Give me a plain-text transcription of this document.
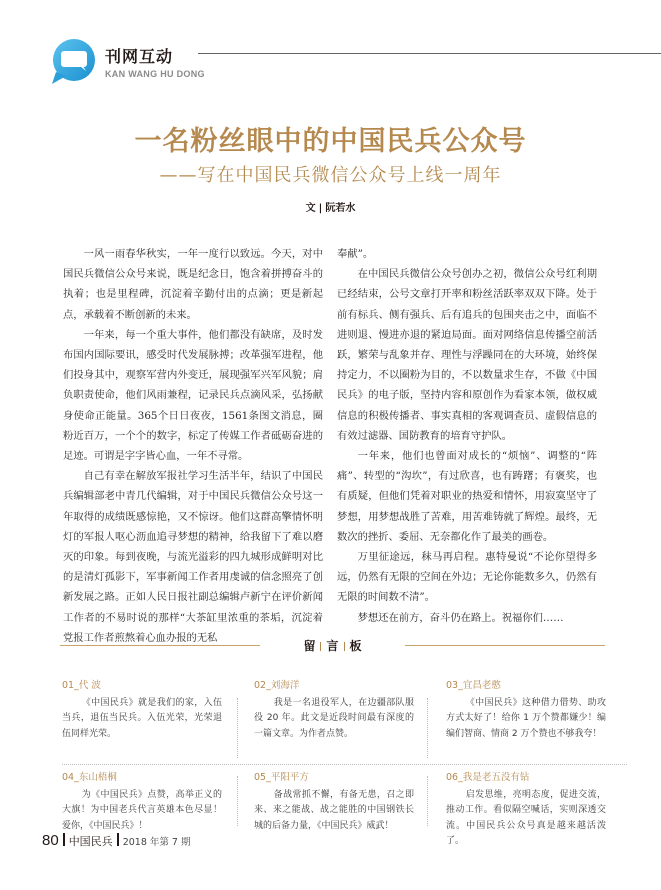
刊网互动
KAN WANG HU DONG
一名粉丝眼中的中国民兵公众号
——写在中国民兵微信公众号上线一周年
文 | 阮若水

一风一雨春华秋实，一年一度行以致远。今天，对中国民兵微信公众号来说，既是纪念日，饱含着拼搏奋斗的执着；也是里程碑，沉淀着辛勤付出的点滴；更是新起点，承载着不断创新的未来。

一年来，每一个重大事件，他们都没有缺席，及时发布国内国际要讯，感受时代发展脉搏；改革强军进程，他们投身其中，观察军营内外变迁，展现强军兴军风貌；肩负职责使命，他们风雨兼程，记录民兵点滴风采，弘扬献身使命正能量。365个日日夜夜，1561条图文消息，圈粉近百万，一个个的数字，标定了传媒工作者砥砺奋进的足迹。可谓是字字皆心血，一年不寻常。

自己有幸在解放军报社学习生活半年，结识了中国民兵编辑部老中青几代编辑，对于中国民兵微信公众号这一年取得的成绩既感惊艳，又不惊讶。他们这群高擎情怀明灯的军报人呕心沥血追寻梦想的精神，给我留下了难以磨灭的印象。每到夜晚，与流光溢彩的四九城形成鲜明对比的是清灯孤影下，军事新闻工作者用虔诚的信念照亮了创新发展之路。正如人民日报社副总编辑卢新宁在评价新闻工作者的不易时说的那样“大茶缸里浓重的茶垢，沉淀着党报工作者煎熬着心血办报的无私

奉献”。

在中国民兵微信公众号创办之初，微信公众号红利期已经结束，公号文章打开率和粉丝活跃率双双下降。处于前有标兵、侧有强兵、后有追兵的包围夹击之中，面临不进则退、慢进亦退的紧迫局面。面对网络信息传播空前活跃，繁荣与乱象并存、理性与浮躁同在的大环境，始终保持定力，不以圈粉为目的，不以数量求生存，不做《中国民兵》的电子版，坚持内容和原创作为看家本领，做权威信息的积极传播者、事实真相的客观调查员、虚假信息的有效过滤器、国防教育的培育守护队。

一年来，他们也曾面对成长的“烦恼”、调整的“阵痛”、转型的“沟坎”，有过欣喜，也有踌躇；有褒奖，也有质疑，但他们凭着对职业的热爱和情怀，用寂寞坚守了梦想，用梦想战胜了苦难，用苦难铸就了辉煌。最终，无数次的挫折、委屈、无奈都化作了最美的画卷。

万里征途远，秣马再启程。惠特曼说“不论你望得多远，仍然有无限的空间在外边；无论你能数多久，仍然有无限的时间数不清”。

梦想还在前方，奋斗仍在路上。祝福你们……

留 言 板
01_代 波
《中国民兵》就是我们的家，入伍当兵，退伍当民兵。入伍光荣，光荣退伍同样光荣。
02_刘海洋
我是一名退役军人，在边疆部队服役 20 年。此文是近段时间最有深度的一篇文章。为作者点赞。
03_宜昌老憨
《中国民兵》这种借力借势、助攻方式太好了！给你 1 万个赞都嫌少！编编们智商、情商 2 万个赞也不够我夸！
04_东山梧桐
为《中国民兵》点赞，高举正义的大旗！为中国老兵代言英雄本色尽显！爱你，《中国民兵》！
05_平阳平方
备战常抓不懈，有备无患，召之即来、来之能战、战之能胜的中国钢铁长城的后备力量，《中国民兵》威武！
06_我是老五没有钻
启发思维，亮明态度，促进交流，推动工作。看似隔空喊话，实则深透交流。中国民兵公众号真是越来越活泼了。
80 中国民兵 2018 年第 7 期
